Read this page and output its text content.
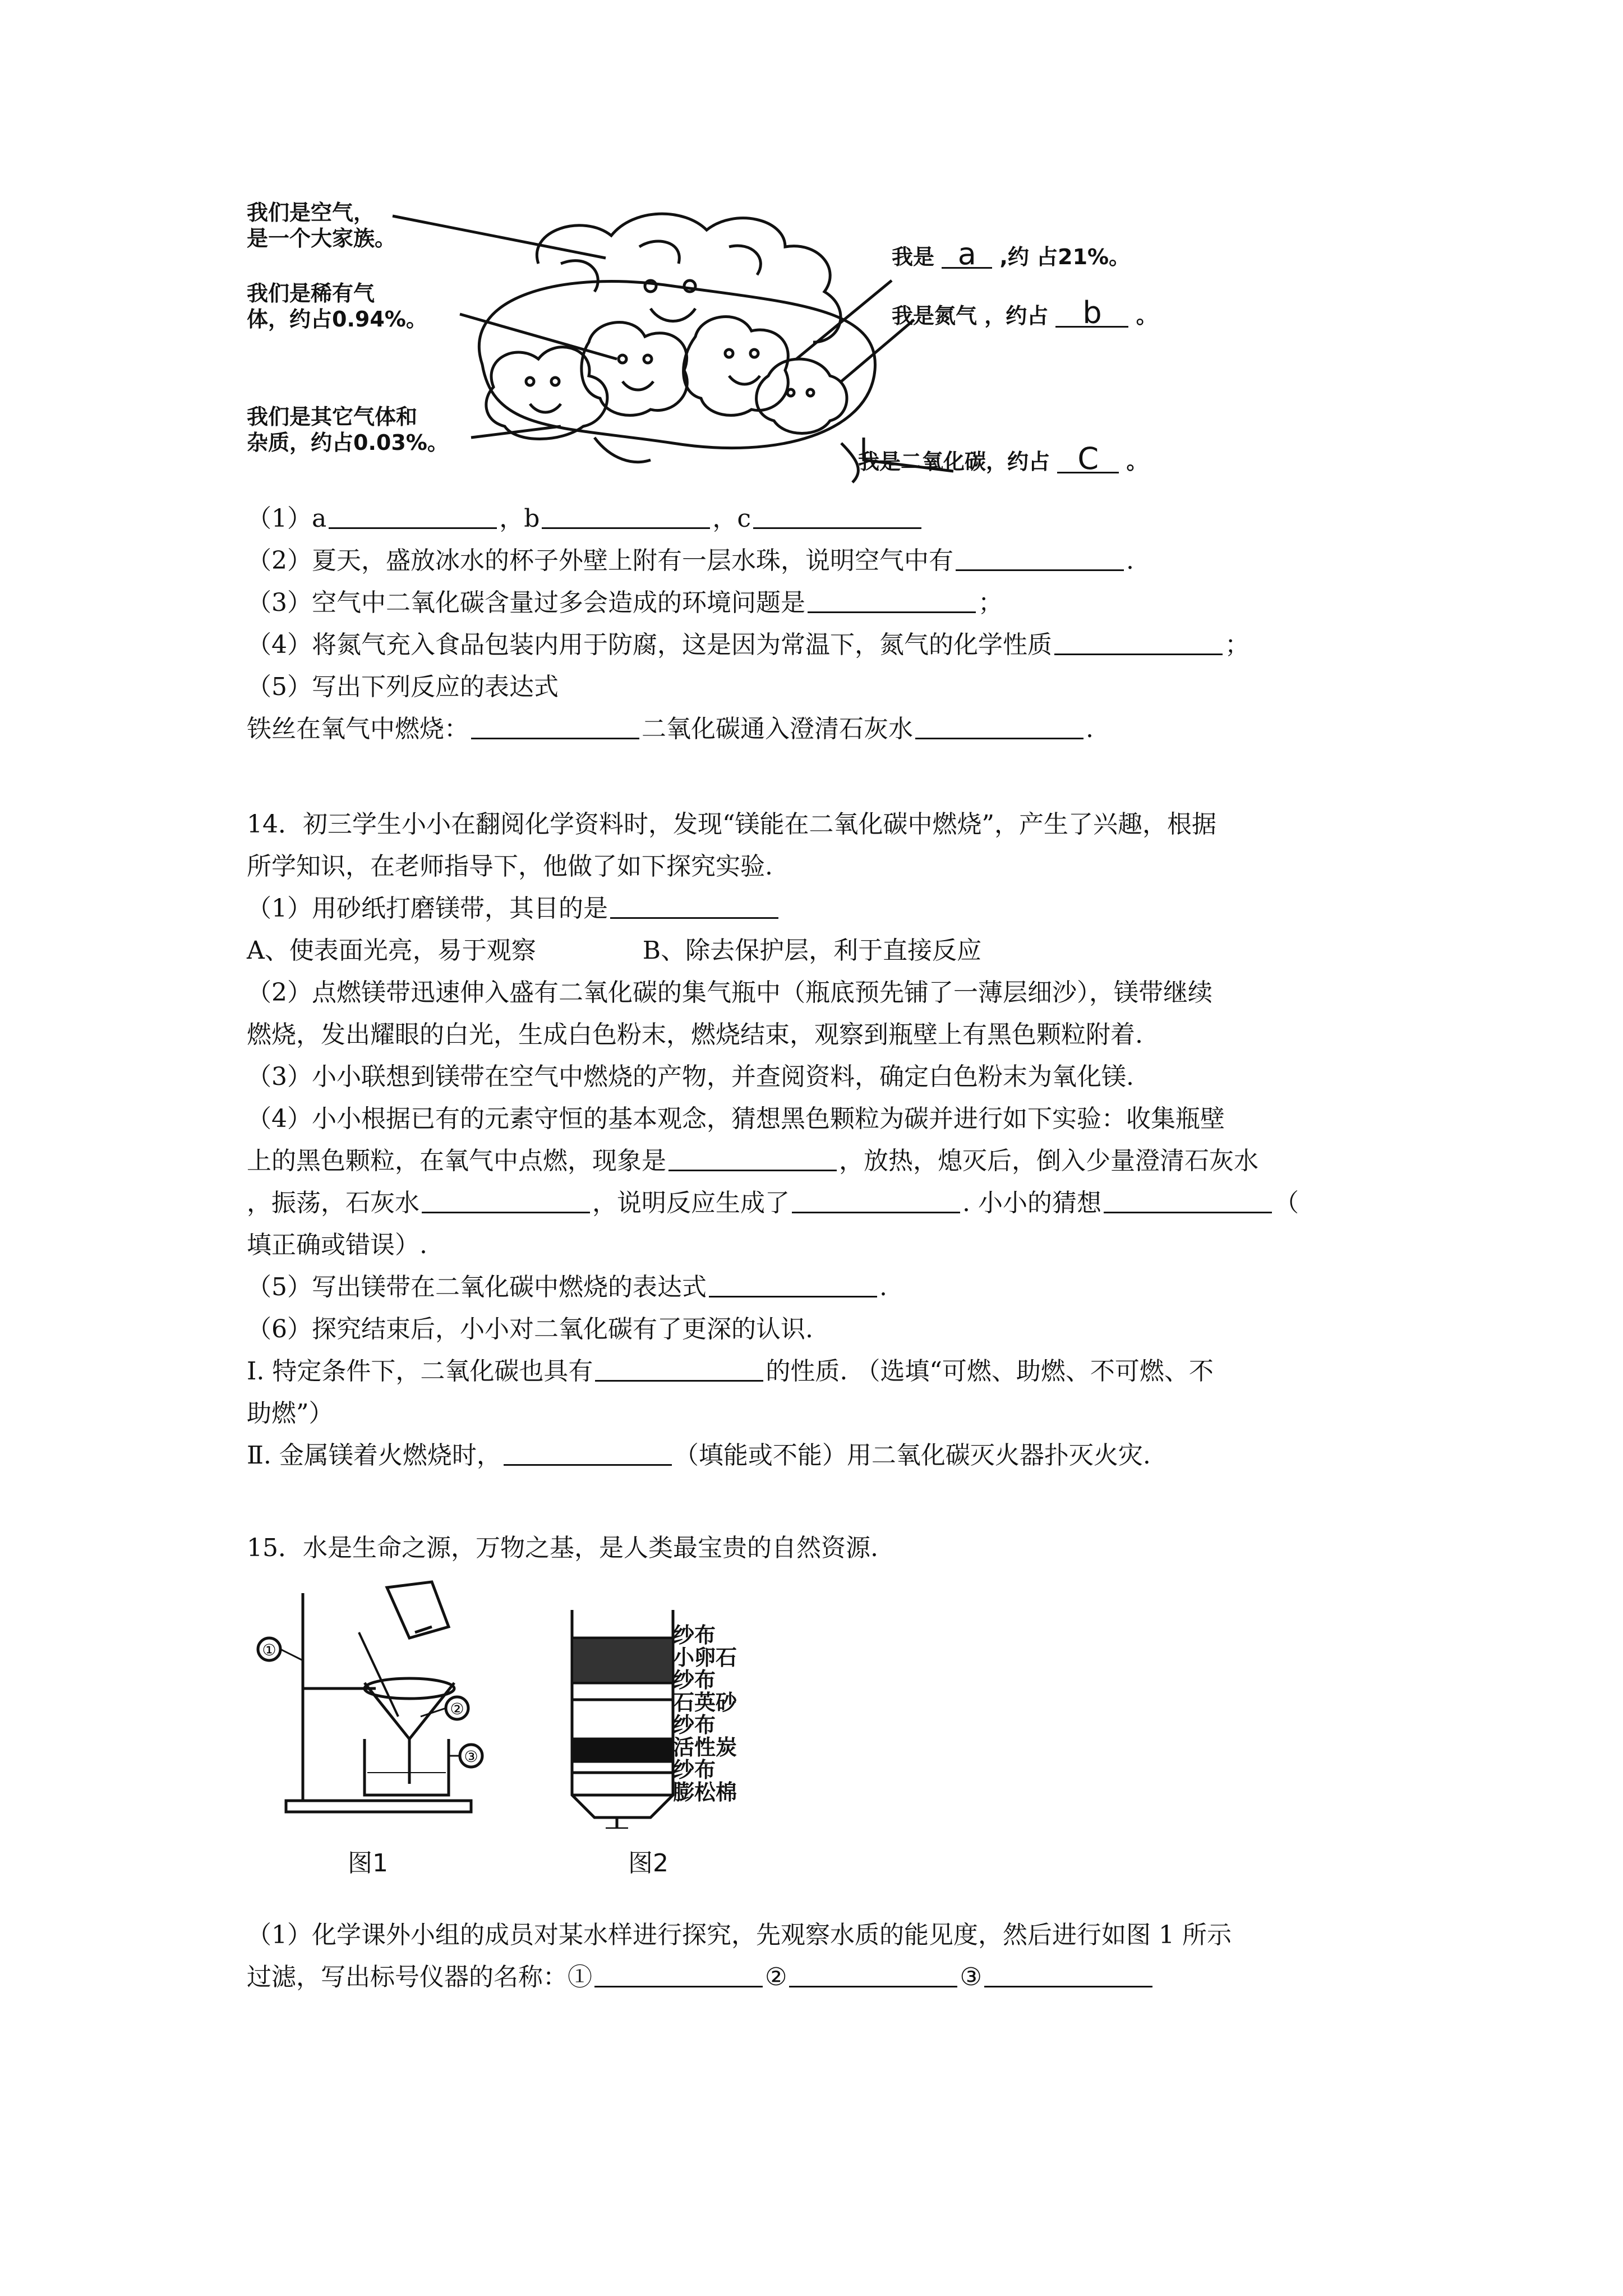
我们是空气，
是一个大家族。
我们是稀有气
体，约占0.94%。
我们是其它气体和
杂质，约占0.03%。
我是 a ,约 占21%。
我是氮气 ，约占 b 。
我是二氧化碳，约占 C 。
（1）a	，b	，c
（2）夏天，盛放冰水的杯子外壁上附有一层水珠，说明空气中有	.
（3）空气中二氧化碳含量过多会造成的环境问题是	；
（4）将氮气充入食品包装内用于防腐，这是因为常温下，氮气的化学性质	；
（5）写出下列反应的表达式
铁丝在氧气中燃烧：	二氧化碳通入澄清石灰水	.
14．初三学生小小在翻阅化学资料时，发现“镁能在二氧化碳中燃烧”，产生了兴趣，根据
所学知识，在老师指导下，他做了如下探究实验.
（1）用砂纸打磨镁带，其目的是
A、使表面光亮，易于观察	B、除去保护层，利于直接反应
（2）点燃镁带迅速伸入盛有二氧化碳的集气瓶中（瓶底预先铺了一薄层细沙），镁带继续
燃烧，发出耀眼的白光，生成白色粉末，燃烧结束，观察到瓶壁上有黑色颗粒附着.
（3）小小联想到镁带在空气中燃烧的产物，并查阅资料，确定白色粉末为氧化镁.
（4）小小根据已有的元素守恒的基本观念，猜想黑色颗粒为碳并进行如下实验：收集瓶壁
上的黑色颗粒，在氧气中点燃，现象是	，放热，熄灭后，倒入少量澄清石灰水
，振荡，石灰水	，说明反应生成了	. 小小的猜想	（
填正确或错误）.
（5）写出镁带在二氧化碳中燃烧的表达式	.
（6）探究结束后，小小对二氧化碳有了更深的认识.
Ⅰ. 特定条件下，二氧化碳也具有	的性质. （选填“可燃、助燃、不可燃、不
助燃”）
Ⅱ. 金属镁着火燃烧时，	（填能或不能）用二氧化碳灭火器扑灭火灾.
15．水是生命之源，万物之基，是人类最宝贵的自然资源.
①
②
③
图1
纱布
小卵石
纱布
石英砂
纱布
活性炭
纱布
膨松棉
图2
（1）化学课外小组的成员对某水样进行探究，先观察水质的能见度，然后进行如图 1 所示
过滤，写出标号仪器的名称：①	②	③
